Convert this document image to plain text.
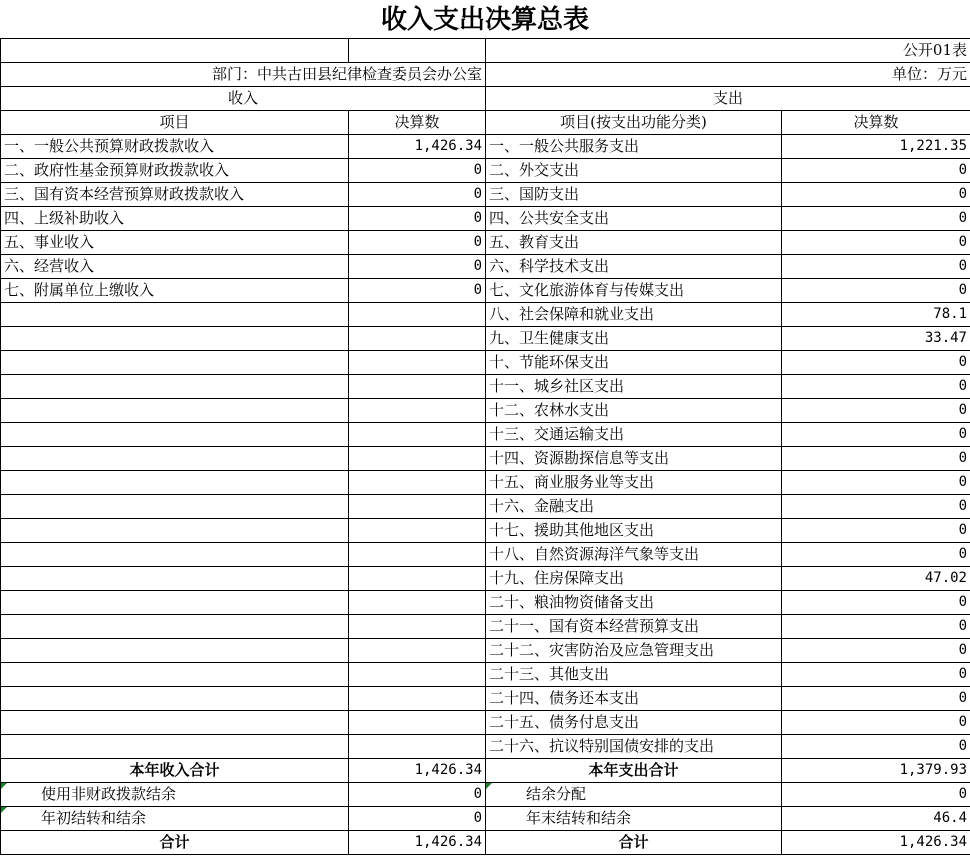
收入支出决算总表
		公开01表	
部门：中共古田县纪律检查委员会办公室		单位：万元	
收入		支出	
项目	决算数	项目(按支出功能分类)	决算数
一、一般公共预算财政拨款收入	1,426.34	一、一般公共服务支出	1,221.35
二、政府性基金预算财政拨款收入	0	二、外交支出	0
三、国有资本经营预算财政拨款收入	0	三、国防支出	0
四、上级补助收入	0	四、公共安全支出	0
五、事业收入	0	五、教育支出	0
六、经营收入	0	六、科学技术支出	0
七、附属单位上缴收入	0	七、文化旅游体育与传媒支出	0
		八、社会保障和就业支出	78.1
		九、卫生健康支出	33.47
		十、节能环保支出	0
		十一、城乡社区支出	0
		十二、农林水支出	0
		十三、交通运输支出	0
		十四、资源勘探信息等支出	0
		十五、商业服务业等支出	0
		十六、金融支出	0
		十七、援助其他地区支出	0
		十八、自然资源海洋气象等支出	0
		十九、住房保障支出	47.02
		二十、粮油物资储备支出	0
		二十一、国有资本经营预算支出	0
		二十二、灾害防治及应急管理支出	0
		二十三、其他支出	0
		二十四、债务还本支出	0
		二十五、债务付息支出	0
		二十六、抗议特别国债安排的支出	0
本年收入合计	1,426.34	本年支出合计	1,379.93
使用非财政拨款结余	0	结余分配	0
年初结转和结余	0	年末结转和结余	46.4
合计	1,426.34	合计	1,426.34
